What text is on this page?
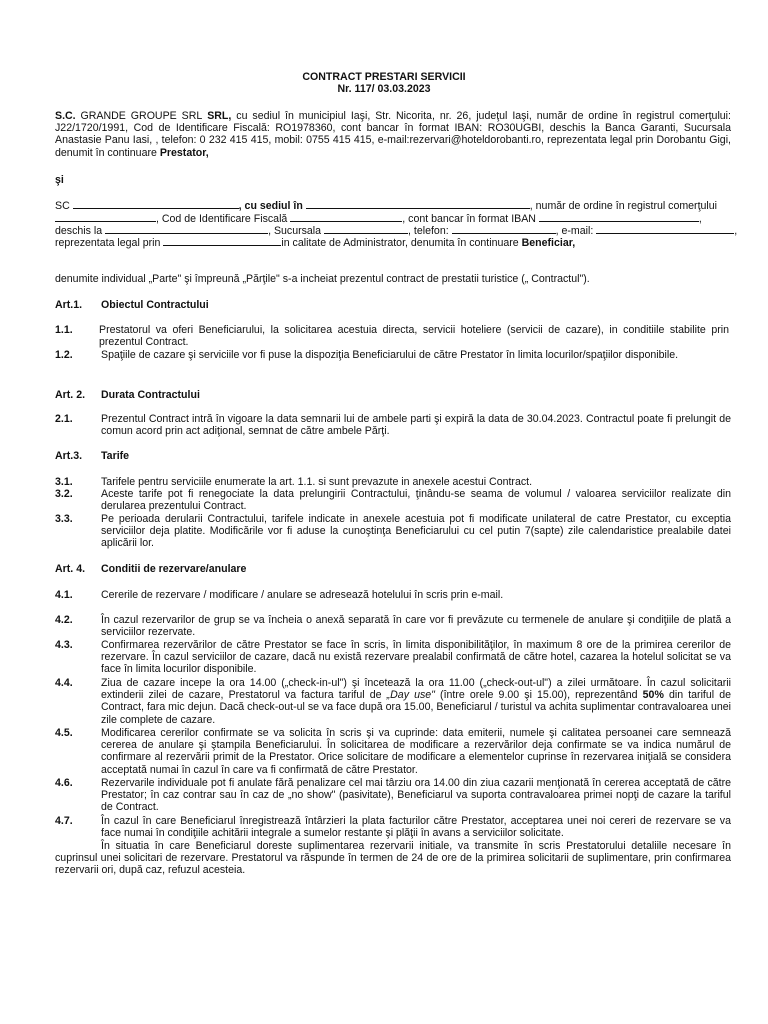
CONTRACT PRESTARI SERVICII
Nr. 117/ 03.03.2023
S.C. GRANDE GROUPE SRL SRL, cu sediul în municipiul Iaşi, Str. Nicorita, nr. 26, judeţul Iaşi, număr de ordine în registrul comerţului: J22/1720/1991, Cod de Identificare Fiscală: RO1978360, cont bancar în format IBAN: RO30UGBI, deschis la Banca Garanti, Sucursala Anastasie Panu Iasi, , telefon: 0 232 415 415, mobil: 0755 415 415, e-mail:rezervari@hoteldorobanti.ro, reprezentata legal prin Dorobantu Gigi, denumit în continuare Prestator,
şi
SC	, cu sediul în	, număr de ordine în registrul comerţului
, Cod de Identificare Fiscală	, cont bancar în format IBAN	,
deschis la	, Sucursala	, telefon:	, e-mail:	,
reprezentata legal prin	in calitate de Administrator, denumita în continuare Beneficiar,
denumite individual „Parte" şi împreună „Părţile" s-a incheiat prezentul contract de prestatii turistice („ Contractul").
Art.1. Obiectul Contractului
1.1. Prestatorul va oferi Beneficiarului, la solicitarea acestuia directa, servicii hoteliere (servicii de cazare), in conditiile stabilite prin prezentul Contract.
1.2.	Spaţiile de cazare şi serviciile vor fi puse la dispoziţia Beneficiarului de către Prestator în limita locurilor/spaţiilor disponibile.
Art. 2. Durata Contractului
2.1.	Prezentul Contract intră în vigoare la data semnarii lui de ambele parti şi expiră la data de 30.04.2023. Contractul poate fi prelungit de comun acord prin act adiţional, semnat de către ambele Părţi.
Art.3. Tarife
3.1.	Tarifele pentru serviciile enumerate la art. 1.1. si sunt prevazute in anexele acestui Contract.
3.2.	Aceste tarife pot fi renegociate la data prelungirii Contractului, ţinându-se seama de volumul / valoarea serviciilor realizate din derularea prezentului Contract.
3.3.	Pe perioada derularii Contractului, tarifele indicate in anexele acestuia pot fi modificate unilateral de catre Prestator, cu exceptia serviciilor deja platite. Modificările vor fi aduse la cunoştinţa Beneficiarului cu cel putin 7(sapte) zile calendaristice prealabile datei aplicării lor.
Art. 4. Conditii de rezervare/anulare
4.1.	Cererile de rezervare / modificare / anulare se adresează hotelului în scris prin e-mail.
4.2.	În cazul rezervarilor de grup se va încheia o anexă separată în care vor fi prevăzute cu termenele de anulare şi condiţiile de plată a serviciilor rezervate.
4.3.	Confirmarea rezervărilor de către Prestator se face în scris, în limita disponibilităţilor, în maximum 8 ore de la primirea cererilor de rezervare. În cazul serviciilor de cazare, dacă nu există rezervare prealabil confirmată de către hotel, cazarea la hotelul solicitat se va face în limita locurilor disponibile.
4.4.	Ziua de cazare incepe la ora 14.00 („check-in-ul") şi încetează la ora 11.00 („check-out-ul") a zilei următoare. În cazul solicitarii extinderii zilei de cazare, Prestatorul va factura tariful de „Day use" (între orele 9.00 şi 15.00), reprezentând 50% din tariful de Contract, fara mic dejun. Dacă check-out-ul se va face după ora 15.00, Beneficiarul / turistul va achita suplimentar contravaloarea unei zile complete de cazare.
4.5.	Modificarea cererilor confirmate se va solicita în scris şi va cuprinde: data emiterii, numele şi calitatea persoanei care semnează cererea de anulare şi ştampila Beneficiarului. În solicitarea de modificare a rezervărilor deja confirmate se va indica numărul de confirmare al rezervării primit de la Prestator. Orice solicitare de modificare a elementelor cuprinse în rezervarea iniţială se considera acceptată numai în cazul în care va fi confirmată de către Prestator.
4.6.	Rezervarile individuale pot fi anulate fără penalizare cel mai târziu ora 14.00 din ziua cazarii menţionată în cererea acceptată de către Prestator; în caz contrar sau în caz de „no show" (pasivitate), Beneficiarul va suporta contravaloarea primei nopţi de cazare la tariful de Contract.
4.7.	În cazul în care Beneficiarul înregistrează întârzieri la plata facturilor către Prestator, acceptarea unei noi cereri de rezervare se va face numai în condiţiile achitării integrale a sumelor restante şi plăţii în avans a serviciilor solicitate.
În situatia în care Beneficiarul doreste suplimentarea rezervarii initiale, va transmite în scris Prestatorului detaliile necesare în cuprinsul unei solicitari de rezervare. Prestatorul va răspunde în termen de 24 de ore de la primirea solicitarii de suplimentare, prin confirmarea rezervarii ori, după caz, refuzul acesteia.
